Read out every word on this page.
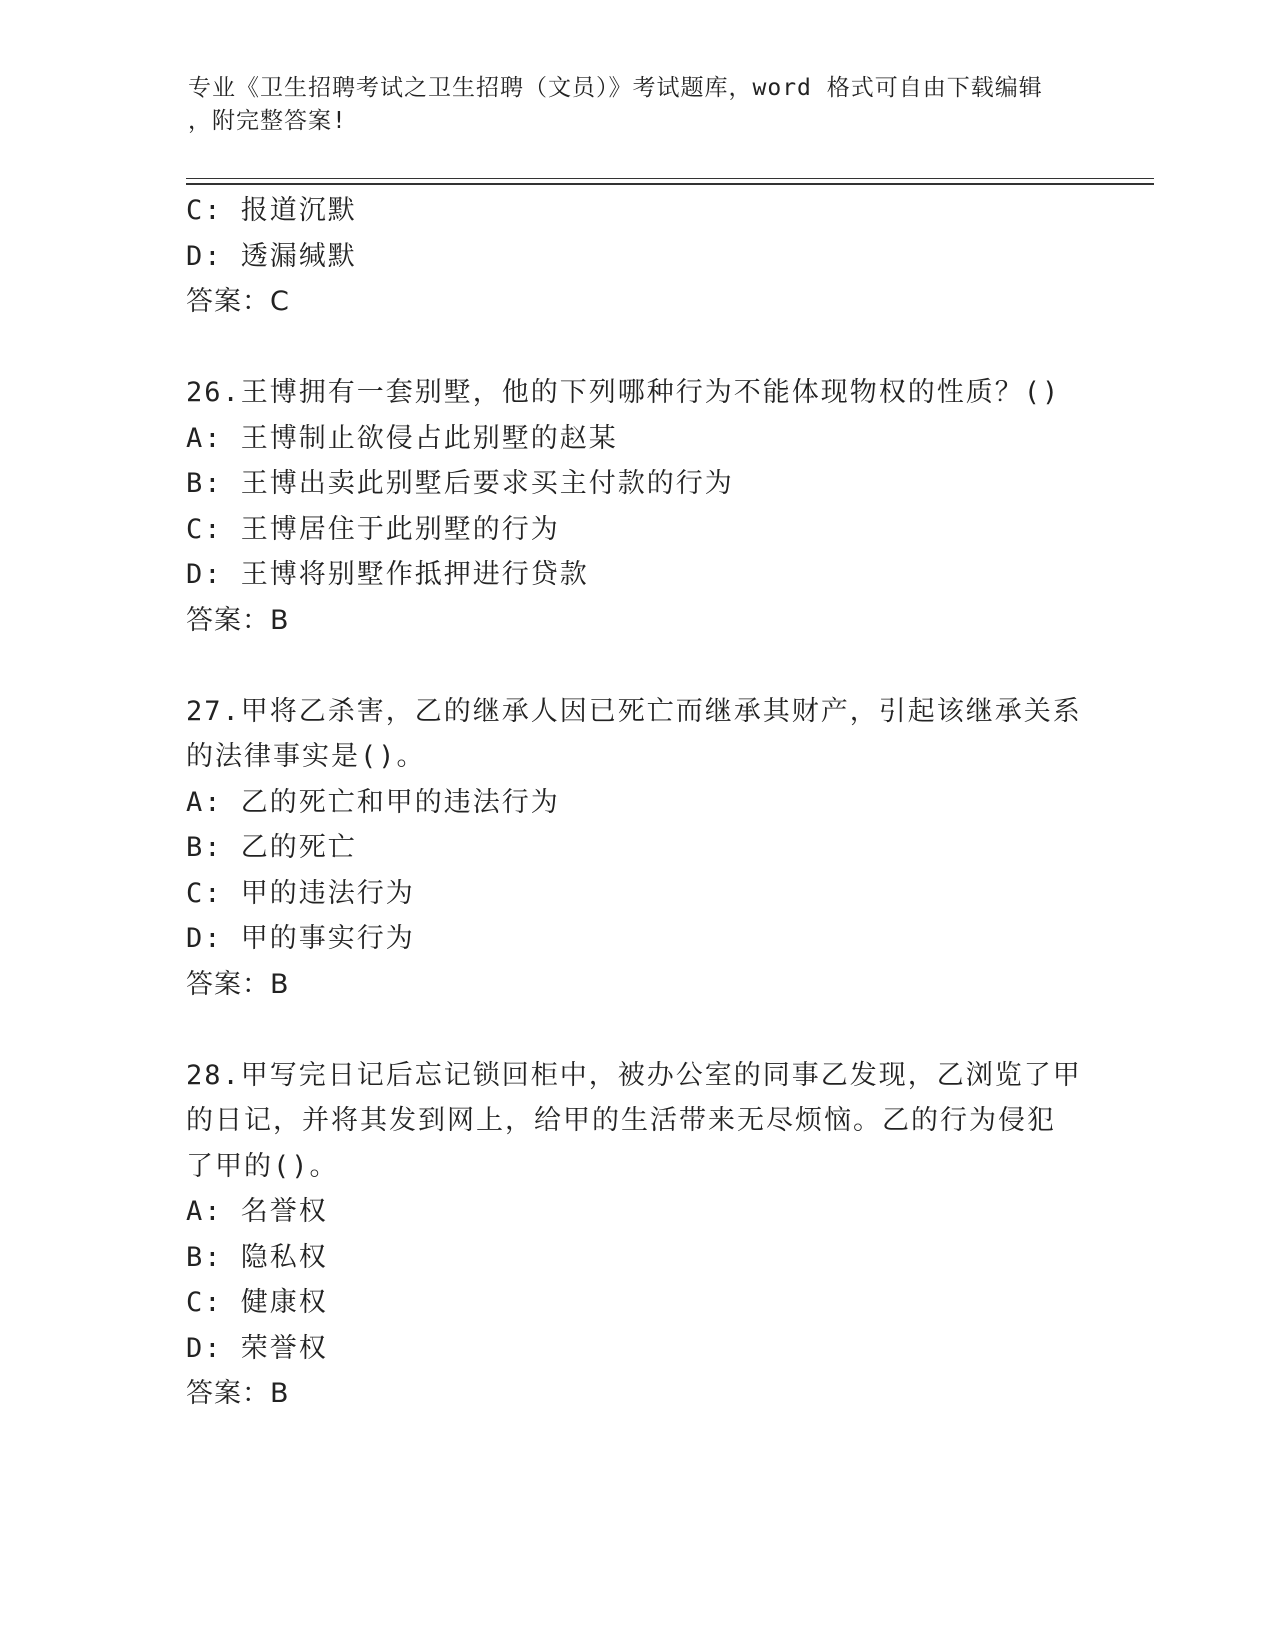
专业《卫生招聘考试之卫生招聘（文员）》考试题库，word 格式可自由下载编辑
，附完整答案!

C: 报道沉默

D: 透漏缄默

答案：C

26.王博拥有一套别墅，他的下列哪种行为不能体现物权的性质？()

A: 王博制止欲侵占此别墅的赵某

B: 王博出卖此别墅后要求买主付款的行为

C: 王博居住于此别墅的行为

D: 王博将别墅作抵押进行贷款

答案：B

27.甲将乙杀害，乙的继承人因已死亡而继承其财产，引起该继承关系

的法律事实是()。

A: 乙的死亡和甲的违法行为

B: 乙的死亡

C: 甲的违法行为

D: 甲的事实行为

答案：B

28.甲写完日记后忘记锁回柜中，被办公室的同事乙发现，乙浏览了甲

的日记，并将其发到网上，给甲的生活带来无尽烦恼。乙的行为侵犯

了甲的()。

A: 名誉权

B: 隐私权

C: 健康权

D: 荣誉权

答案：B
